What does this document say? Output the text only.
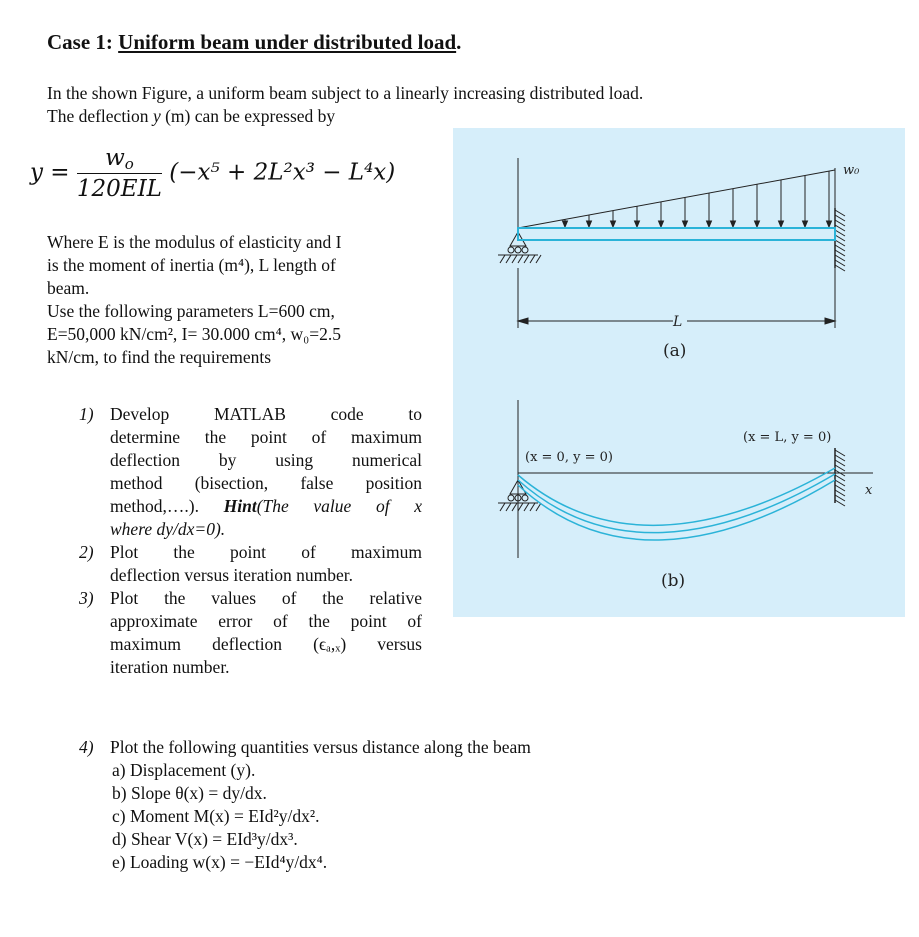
Case 1: Uniform beam under distributed load.
In the shown Figure, a uniform beam subject to a linearly increasing distributed load.
The deflection y (m) can be expressed by
$y = \frac{w_o}{\text{120EIL}} (-x^5 + 2L^2x^3 - L^4x)$
Where E is the modulus of elasticity and I
is the moment of inertia (m⁴), L length of
beam.
Use the following parameters L=600 cm,
E=50,000 kN/cm², I= 30.000 cm⁴, w₀=2.5
kN/cm, to find the requirements
1) Develop MATLAB code to
determine the point of maximum
deflection by using numerical
method (bisection, false position
method,….). Hint(The value of x
where dy/dx=0).
2) Plot the point of maximum
deflection versus iteration number.
3) Plot the values of the relative
approximate error of the point of
maximum deflection (ϵₐ,ₓ) versus
iteration number.
4) Plot the following quantities versus distance along the beam
a) Displacement (y).
b) Slope θ(x) = dy/dx.
c) Moment M(x) = EId²y/dx².
d) Shear V(x) = EId³y/dx³.
e) Loading w(x) = −EId⁴y/dx⁴.
w₀
L
(a)
(x = 0, y = 0)
(x = L, y = 0)
x
(b)
